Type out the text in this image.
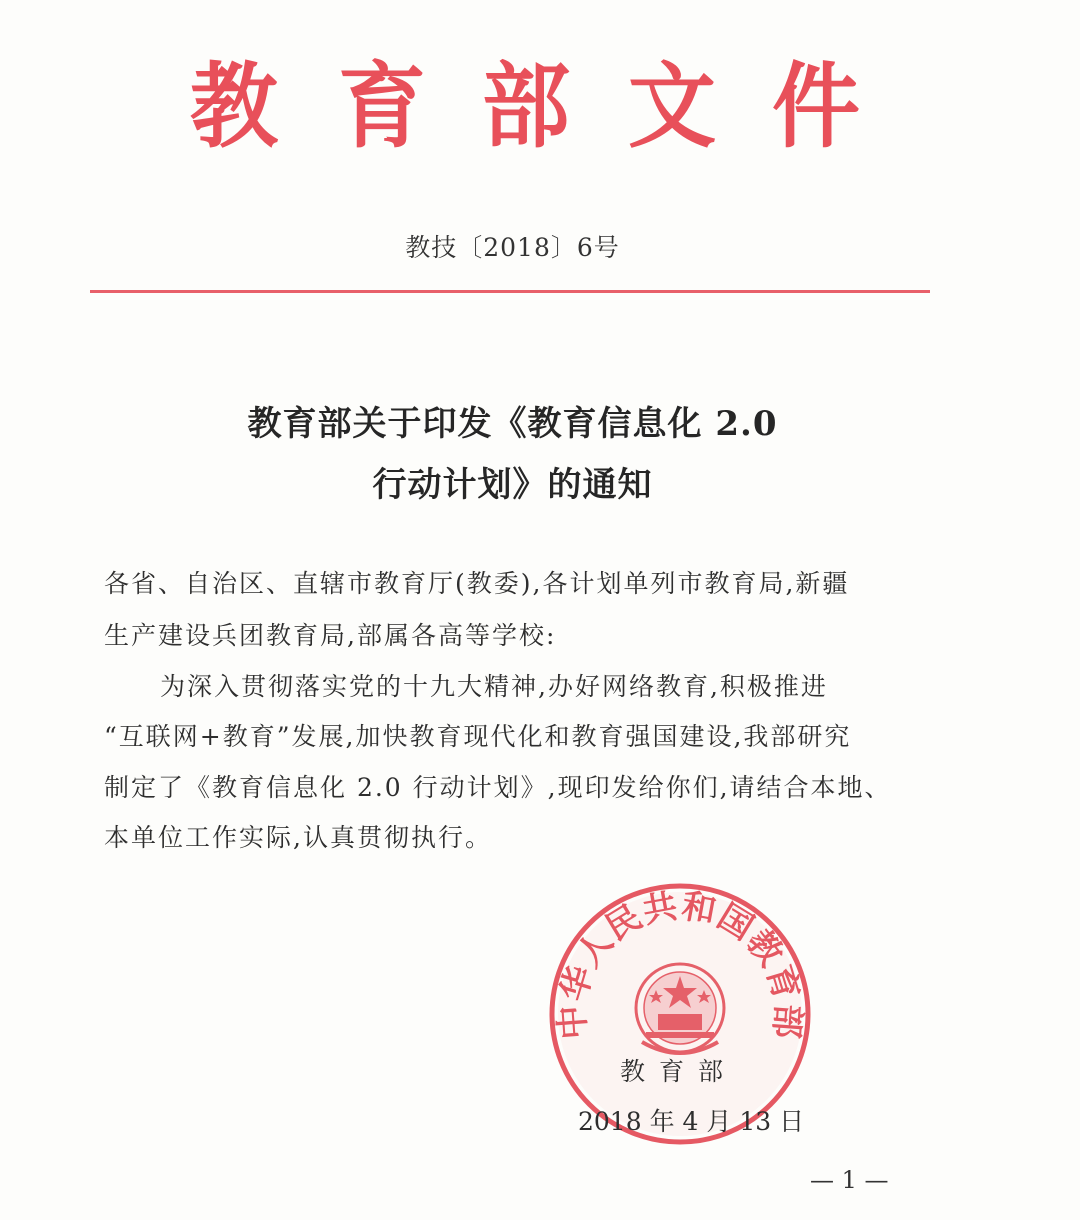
教 育 部 文 件
教技〔2018〕6号
教育部关于印发《教育信息化 2.0
行动计划》的通知
各省、自治区、直辖市教育厅(教委),各计划单列市教育局,新疆
生产建设兵团教育局,部属各高等学校:
为深入贯彻落实党的十九大精神,办好网络教育,积极推进
“互联网+教育”发展,加快教育现代化和教育强国建设,我部研究
制定了《教育信息化 2.0 行动计划》,现印发给你们,请结合本地、
本单位工作实际,认真贯彻执行。
中华人民共和国教育部
教育部
2018 年 4 月 13 日
— 1 —
